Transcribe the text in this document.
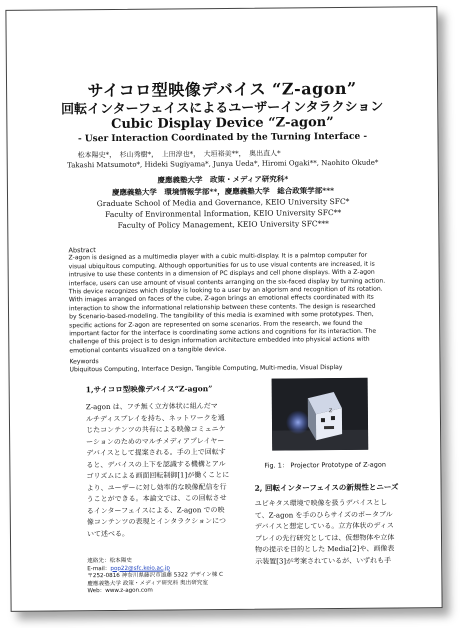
サイコロ型映像デバイス “Z-agon”
回転インターフェイスによるユーザーインタラクション
Cubic Display Device “Z-agon”
- User Interaction Coordinated by the Turning Interface -
松本陽史*，　杉山秀樹*，　上田淳也*，　大垣裕美**，　奥出直人*
Takashi Matsumoto*, Hideki Sugiyama*, Junya Ueda*, Hiromi Ogaki**, Naohito Okude*
慶應義塾大学　政策・メディア研究科*
慶應義塾大学　環境情報学部**，慶應義塾大学　総合政策学部***
Graduate School of Media and Governance, KEIO University SFC*
Faculty of Environmental Information, KEIO University SFC**
Faculty of Policy Management, KEIO University SFC***

Abstract

Z-agon is designed as a multimedia player with a cubic multi-display. It is a palmtop computer for

visual ubiquitous computing. Although opportunities for us to use visual contents are increased, it is

intrusive to use these contents in a dimension of PC displays and cell phone displays. With a Z-agon

interface, users can use amount of visual contents arranging on the six-faced display by turning action.

This device recognizes which display is looking to a user by an algorism and recognition of its rotation.

With images arranged on faces of the cube, Z-agon brings an emotional effects coordinated with its

interaction to show the informational relationship between these contents. The design is researched

by Scenario-based-modeling. The tangibility of this media is examined with some prototypes. Then,

specific actions for Z-agon are represented on some scenarios. From the research, we found the

important factor for the interface is coordinating some actions and cognitions for its interaction. The

challenge of this project is to design information architecture embedded into physical actions with

emotional contents visualized on a tangible device.

Keywords

Ubiquitous Computing, Interface Design, Tangible Computing, Multi-media, Visual Display

1,サイコロ型映像デバイス“Z-agon”

Z-agon は、フチ無く立方体状に組んだマ

ルチディスプレイを持ち、ネットワークを通

じたコンテンツの共有による映像コミュニケ

ーションのためのマルチメディアプレイヤー

デバイスとして提案される。手の上で回転す

ると、デバイスの上下を認識する機構とアル

ゴリズムによる画面回転制御[1]が働くことに

より、ユーザーに対し効率的な映像配信を行

うことができる。本論文では、この回転させ

るインターフェイスによる、Z-agon での映

像コンテンツの表現とインタラクションにつ

いて述べる。

Z
Fig. 1： Projector Prototype of Z-agon
2, 回転インターフェイスの新規性とニーズ

ユビキタス環境で映像を扱うデバイスとし

て、Z-agon を手のひらサイズのポータブル

デバイスと想定している。立方体状のディス

プレイの先行研究としては、仮想物体や立体

物の提示を目的とした Media[2]や、画像表

示装置[3]が考案されているが、いずれも手

連絡先：松本陽史

E-mail：pop22@sfc.keio.ac.jp

〒252-0816 神奈川県藤沢市遠藤 5322 デザイン棟 C

慶應義塾大学 政策・メディア研究科 奥出研究室

Web：www.z-agon.com
